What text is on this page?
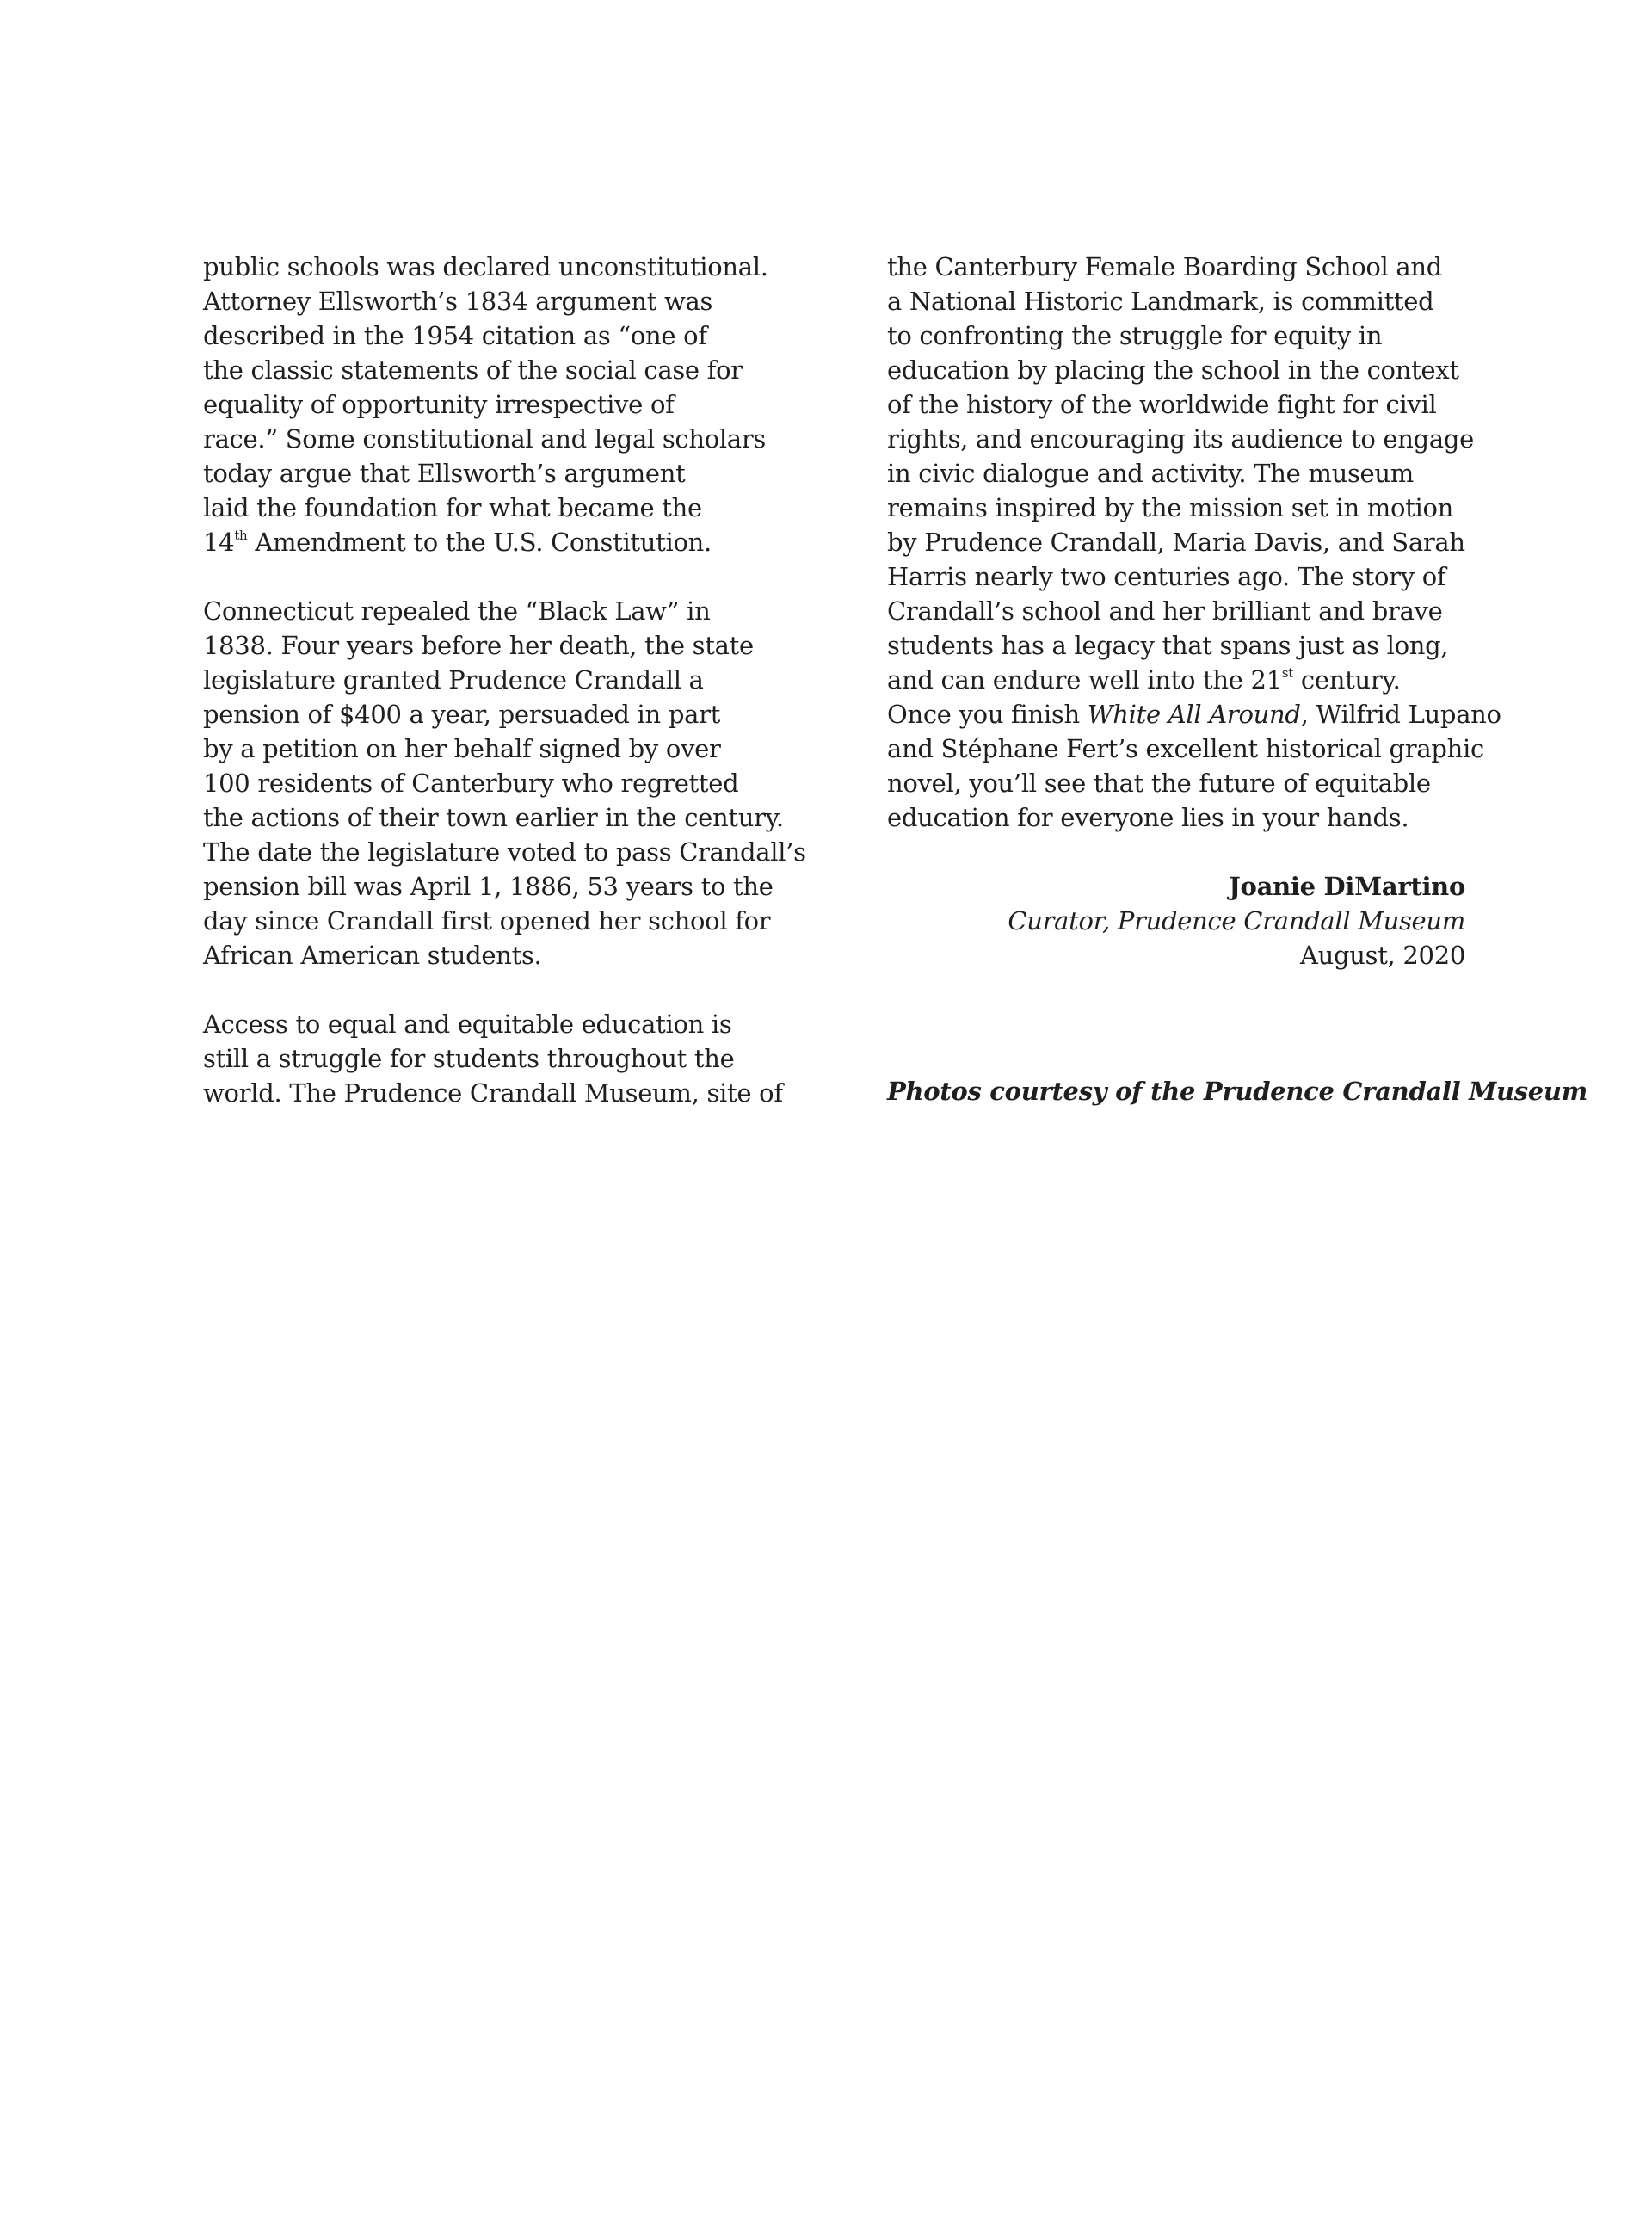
public schools was declared unconstitutional.
Attorney Ellsworth’s 1834 argument was
described in the 1954 citation as “one of
the classic statements of the social case for
equality of opportunity irrespective of
race.” Some constitutional and legal scholars
today argue that Ellsworth’s argument
laid the foundation for what became the
14th Amendment to the U.S. Constitution.
Connecticut repealed the “Black Law” in
1838. Four years before her death, the state
legislature granted Prudence Crandall a
pension of $400 a year, persuaded in part
by a petition on her behalf signed by over
100 residents of Canterbury who regretted
the actions of their town earlier in the century.
The date the legislature voted to pass Crandall’s
pension bill was April 1, 1886, 53 years to the
day since Crandall first opened her school for
African American students.
Access to equal and equitable education is
still a struggle for students throughout the
world. The Prudence Crandall Museum, site of
the Canterbury Female Boarding School and
a National Historic Landmark, is committed
to confronting the struggle for equity in
education by placing the school in the context
of the history of the worldwide fight for civil
rights, and encouraging its audience to engage
in civic dialogue and activity. The museum
remains inspired by the mission set in motion
by Prudence Crandall, Maria Davis, and Sarah
Harris nearly two centuries ago. The story of
Crandall’s school and her brilliant and brave
students has a legacy that spans just as long,
and can endure well into the 21st century.
Once you finish White All Around, Wilfrid Lupano
and Stéphane Fert’s excellent historical graphic
novel, you’ll see that the future of equitable
education for everyone lies in your hands.
Joanie DiMartino
Curator, Prudence Crandall Museum
August, 2020
Photos courtesy of the Prudence Crandall Museum
